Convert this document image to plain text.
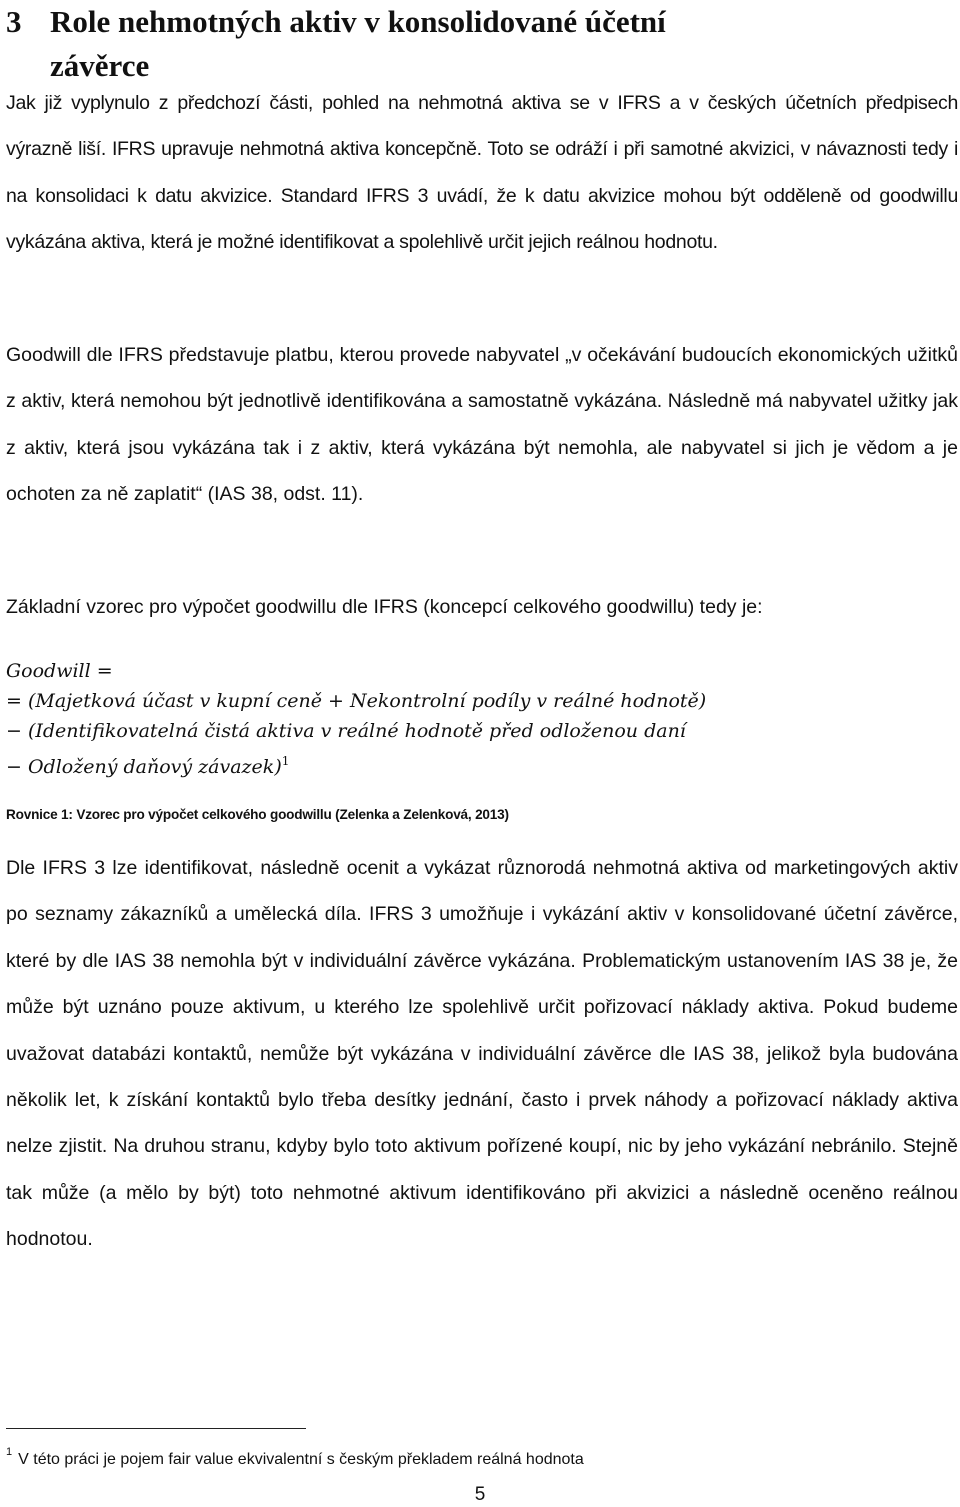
3 Role nehmotných aktiv v konsolidované účetní
závěrce

Jak již vyplynulo z předchozí části, pohled na nehmotná aktiva se v IFRS a v českých účetních předpisech výrazně liší. IFRS upravuje nehmotná aktiva koncepčně. Toto se odráží i při samotné akvizici, v návaznosti tedy i na konsolidaci k datu akvizice. Standard IFRS 3 uvádí, že k datu akvizice mohou být odděleně od goodwillu vykázána aktiva, která je možné identifikovat a spolehlivě určit jejich reálnou hodnotu.

Goodwill dle IFRS představuje platbu, kterou provede nabyvatel „v očekávání budoucích ekonomických užitků z aktiv, která nemohou být jednotlivě identifikována a samostatně vykázána. Následně má nabyvatel užitky jak z aktiv, která jsou vykázána tak i z aktiv, která vykázána být nemohla, ale nabyvatel si jich je vědom a je ochoten za ně zaplatit“ (IAS 38, odst. 11).

Základní vzorec pro výpočet goodwillu dle IFRS (koncepcí celkového goodwillu) tedy je:

Goodwill =
= (Majetková účast v kupní ceně + Nekontrolní podíly v reálné hodnotě)
− (Identifikovatelná čistá aktiva v reálné hodnotě před odloženou daní
− Odložený daňový závazek)$^1$

Rovnice 1: Vzorec pro výpočet celkového goodwillu (Zelenka a Zelenková, 2013)

Dle IFRS 3 lze identifikovat, následně ocenit a vykázat různorodá nehmotná aktiva od marketingových aktiv po seznamy zákazníků a umělecká díla. IFRS 3 umožňuje i vykázání aktiv v konsolidované účetní závěrce, které by dle IAS 38 nemohla být v individuální závěrce vykázána. Problematickým ustanovením IAS 38 je, že může být uznáno pouze aktivum, u kterého lze spolehlivě určit pořizovací náklady aktiva. Pokud budeme uvažovat databázi kontaktů, nemůže být vykázána v individuální závěrce dle IAS 38, jelikož byla budována několik let, k získání kontaktů bylo třeba desítky jednání, často i prvek náhody a pořizovací náklady aktiva nelze zjistit. Na druhou stranu, kdyby bylo toto aktivum pořízené koupí, nic by jeho vykázání nebránilo. Stejně tak může (a mělo by být) toto nehmotné aktivum identifikováno při akvizici a následně oceněno reálnou hodnotou.

$^1$ V této práci je pojem fair value ekvivalentní s českým překladem reálná hodnota

5
